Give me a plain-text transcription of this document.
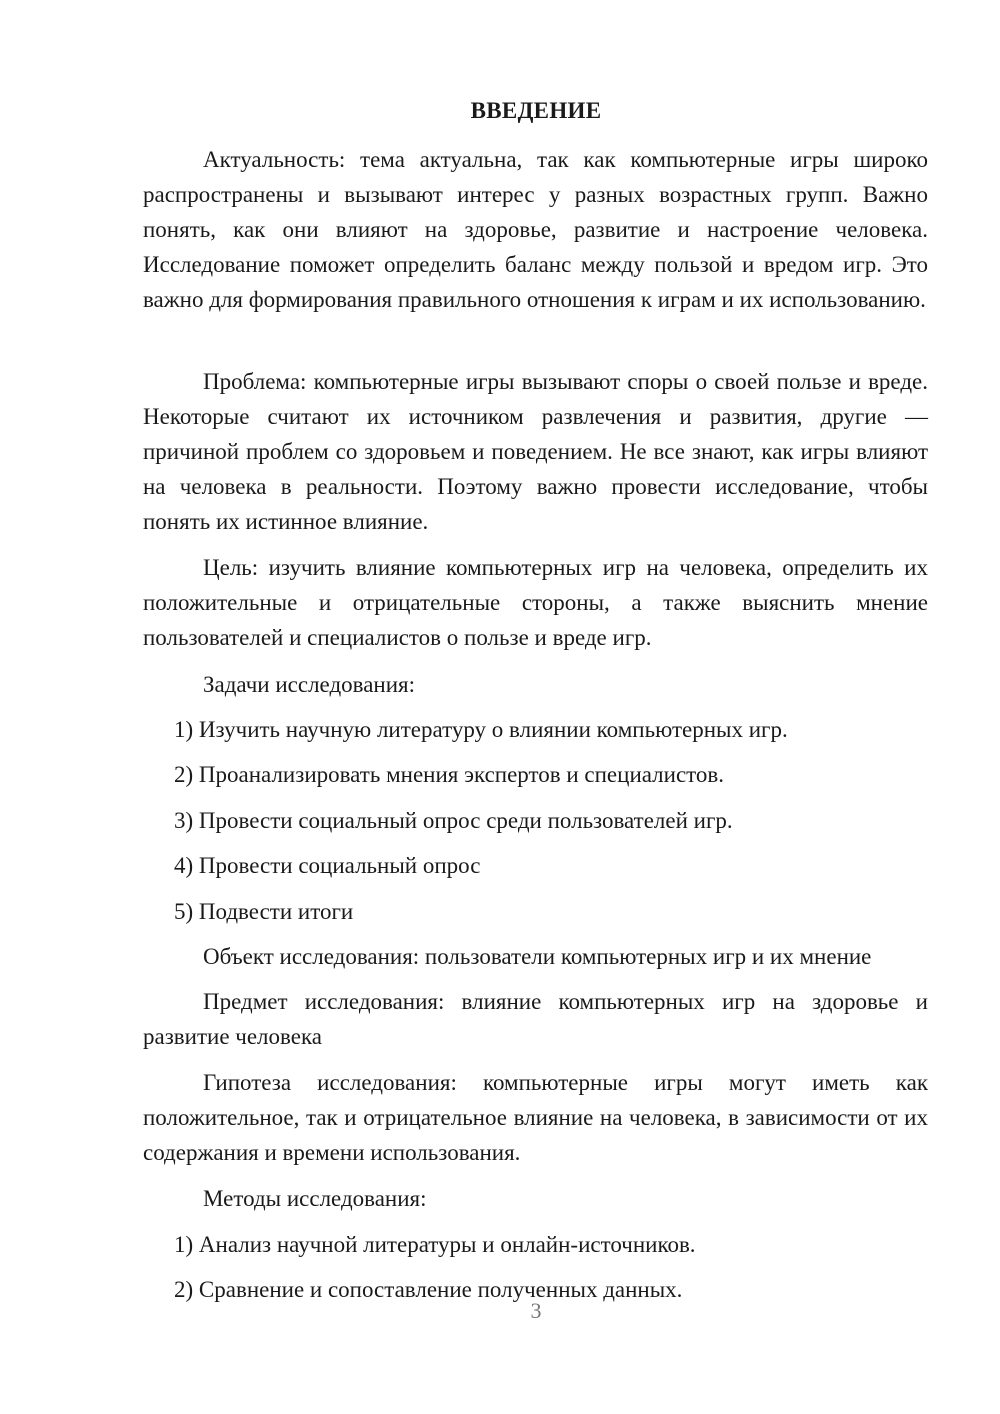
ВВЕДЕНИЕ

Актуальность: тема актуальна, так как компьютерные игры широко распространены и вызывают интерес у разных возрастных групп. Важно понять, как они влияют на здоровье, развитие и настроение человека. Исследование поможет определить баланс между пользой и вредом игр. Это важно для формирования правильного отношения к играм и их использованию.

Проблема: компьютерные игры вызывают споры о своей пользе и вреде. Некоторые считают их источником развлечения и развития, другие — причиной проблем со здоровьем и поведением. Не все знают, как игры влияют на человека в реальности. Поэтому важно провести исследование, чтобы понять их истинное влияние.

Цель: изучить влияние компьютерных игр на человека, определить их положительные и отрицательные стороны, а также выяснить мнение пользователей и специалистов о пользе и вреде игр.

Задачи исследования:

1) Изучить научную литературу о влиянии компьютерных игр.

2) Проанализировать мнения экспертов и специалистов.

3) Провести социальный опрос среди пользователей игр.

4) Провести социальный опрос

5) Подвести итоги

Объект исследования: пользователи компьютерных игр и их мнение

Предмет исследования: влияние компьютерных игр на здоровье и развитие человека

Гипотеза исследования: компьютерные игры могут иметь как положительное, так и отрицательное влияние на человека, в зависимости от их содержания и времени использования.

Методы исследования:

1) Анализ научной литературы и онлайн-источников.

2) Сравнение и сопоставление полученных данных.

3
